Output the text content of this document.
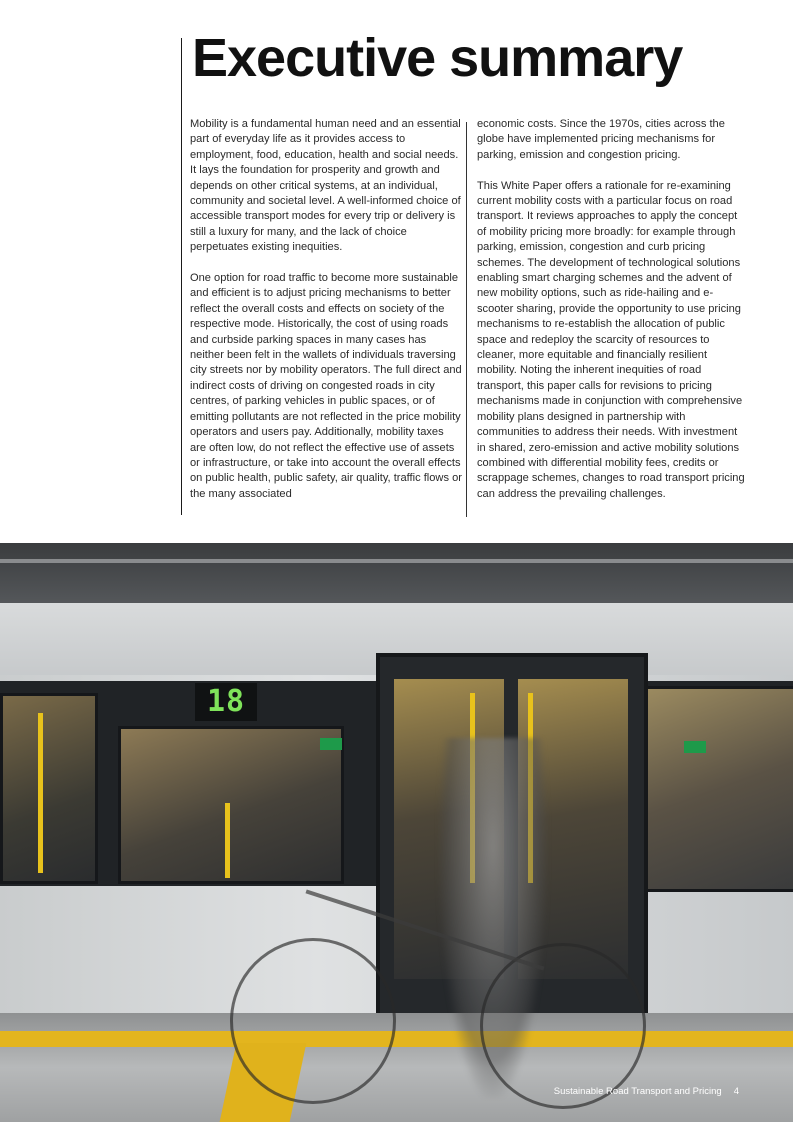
Executive summary

Mobility is a fundamental human need and an essential part of everyday life as it provides access to employment, food, education, health and social needs. It lays the foundation for prosperity and growth and depends on other critical systems, at an individual, community and societal level. A well-informed choice of accessible transport modes for every trip or delivery is still a luxury for many, and the lack of choice perpetuates existing inequities.

One option for road traffic to become more sustainable and efficient is to adjust pricing mechanisms to better reflect the overall costs and effects on society of the respective mode. Historically, the cost of using roads and curbside parking spaces in many cases has neither been felt in the wallets of individuals traversing city streets nor by mobility operators. The full direct and indirect costs of driving on congested roads in city centres, of parking vehicles in public spaces, or of emitting pollutants are not reflected in the price mobility operators and users pay. Additionally, mobility taxes are often low, do not reflect the effective use of assets or infrastructure, or take into account the overall effects on public health, public safety, air quality, traffic flows or the many associated

economic costs. Since the 1970s, cities across the globe have implemented pricing mechanisms for parking, emission and congestion pricing.

This White Paper offers a rationale for re-examining current mobility costs with a particular focus on road transport. It reviews approaches to apply the concept of mobility pricing more broadly: for example through parking, emission, congestion and curb pricing schemes. The development of technological solutions enabling smart charging schemes and the advent of new mobility options, such as ride-hailing and e-scooter sharing, provide the opportunity to use pricing mechanisms to re-establish the allocation of public space and redeploy the scarcity of resources to cleaner, more equitable and financially resilient mobility. Noting the inherent inequities of road transport, this paper calls for revisions to pricing mechanisms made in conjunction with comprehensive mobility plans designed in partnership with communities to address their needs. With investment in shared, zero-emission and active mobility solutions combined with differential mobility fees, credits or scrappage schemes, changes to road transport pricing can address the prevailing challenges.

18
Sustainable Road Transport and Pricing 4
